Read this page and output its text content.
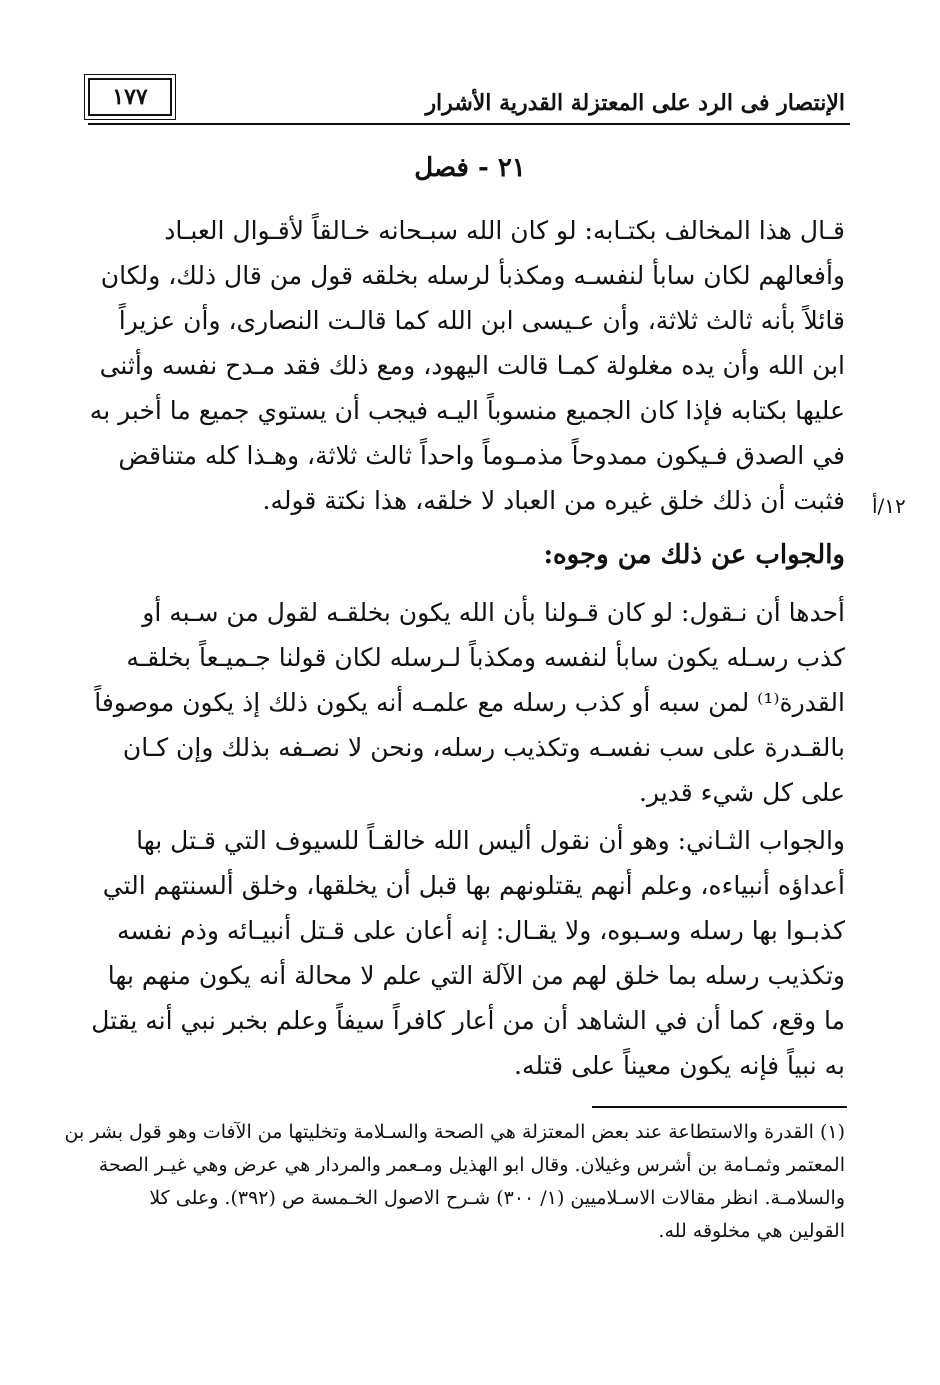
الإنتصار فى الرد على المعتزلة القدرية الأشرار
١٧٧
٢١ - فصل
قـال هذا المخالف بكتـابه: لو كان الله سبـحانه خـالقاً لأقـوال العبـاد
وأفعالهم لكان سابأ لنفسـه ومكذبأ لرسله بخلقه قول من قال ذلك، ولكان
قائلاً بأنه ثالث ثلاثة، وأن عـيسى ابن الله كما قالـت النصارى، وأن عزيراً
ابن الله وأن يده مغلولة كمـا قالت اليهود، ومع ذلك فقد مـدح نفسه وأثنى
عليها بكتابه فإذا كان الجميع منسوباً اليـه فيجب أن يستوي جميع ما أخبر به
في الصدق فـيكون ممدوحاً مذمـوماً واحداً ثالث ثلاثة، وهـذا كله متناقض
فثبت أن ذلك خلق غيره من العباد لا خلقه، هذا نكتة قوله. ١٢/أ
والجواب عن ذلك من وجوه:
أحدها أن نـقول: لو كان قـولنا بأن الله يكون بخلقـه لقول من سـبه أو
كذب رسـله يكون سابأ لنفسه ومكذباً لـرسله لكان قولنا جـميـعاً بخلقـه
القدرة⁽¹⁾ لمن سبه أو كذب رسله مع علمـه أنه يكون ذلك إذ يكون موصوفاً
بالقـدرة على سب نفسـه وتكذيب رسله، ونحن لا نصـفه بذلك وإن كـان
على كل شيء قدير.
والجواب الثـاني: وهو أن نقول أليس الله خالقـاً للسيوف التي قـتل بها
أعداؤه أنبياءه، وعلم أنهم يقتلونهم بها قبل أن يخلقها، وخلق ألسنتهم التي
كذبـوا بها رسله وسـبوه، ولا يقـال: إنه أعان على قـتل أنبيـائه وذم نفسه
وتكذيب رسله بما خلق لهم من الآلة التي علم لا محالة أنه يكون منهم بها
ما وقع، كما أن في الشاهد أن من أعار كافراً سيفاً وعلم بخبر نبي أنه يقتل
به نبياً فإنه يكون معيناً على قتله.
(١) القدرة والاستطاعة عند بعض المعتزلة هي الصحة والسـلامة وتخليتها من الآفات وهو قول بشر بن
المعتمر وثمـامة بن أشرس وغيلان. وقال ابو الهذيل ومـعمر والمردار هي عرض وهي غيـر الصحة
والسلامـة. انظر مقالات الاسـلاميين (١/ ٣٠٠) شـرح الاصول الخـمسة ص (٣٩٢). وعلى كلا
القولين هي مخلوقه لله.
